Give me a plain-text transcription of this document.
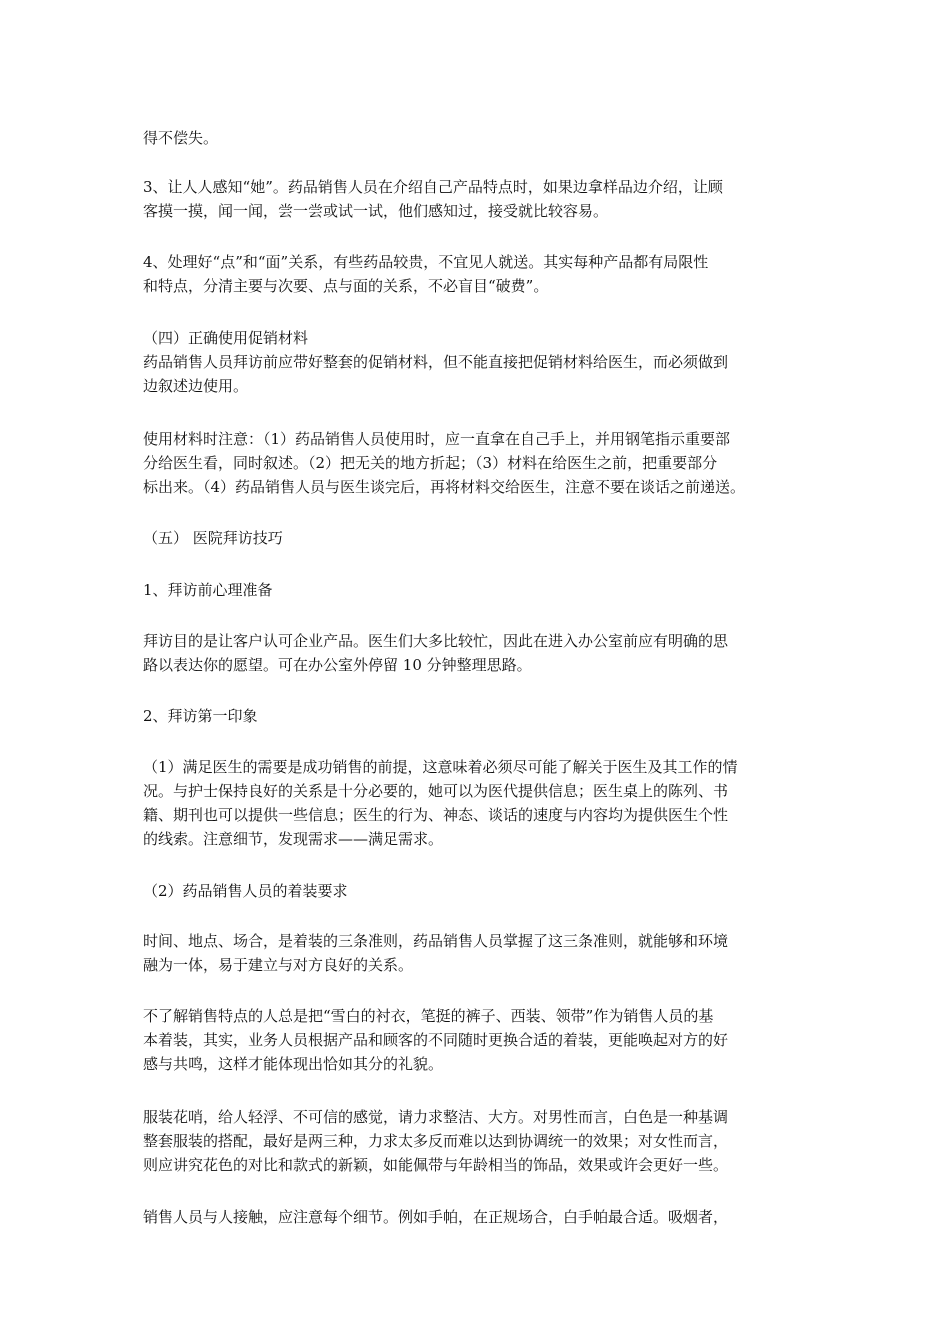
得不偿失。
3、让人人感知“她”。药品销售人员在介绍自己产品特点时，如果边拿样品边介绍，让顾
客摸一摸，闻一闻，尝一尝或试一试，他们感知过，接受就比较容易。
4、处理好“点”和“面”关系，有些药品较贵，不宜见人就送。其实每种产品都有局限性
和特点，分清主要与次要、点与面的关系，不必盲目“破费”。
（四）正确使用促销材料
药品销售人员拜访前应带好整套的促销材料，但不能直接把促销材料给医生，而必须做到
边叙述边使用。
使用材料时注意：（1）药品销售人员使用时，应一直拿在自己手上，并用钢笔指示重要部
分给医生看，同时叙述。（2）把无关的地方折起；（3）材料在给医生之前，把重要部分
标出来。（4）药品销售人员与医生谈完后，再将材料交给医生，注意不要在谈话之前递送。
（五） 医院拜访技巧
1、拜访前心理准备
拜访目的是让客户认可企业产品。医生们大多比较忙，因此在进入办公室前应有明确的思
路以表达你的愿望。可在办公室外停留 10 分钟整理思路。
2、拜访第一印象
（1）满足医生的需要是成功销售的前提，这意味着必须尽可能了解关于医生及其工作的情
况。与护士保持良好的关系是十分必要的，她可以为医代提供信息；医生桌上的陈列、书
籍、期刊也可以提供一些信息；医生的行为、神态、谈话的速度与内容均为提供医生个性
的线索。注意细节，发现需求——满足需求。
（2）药品销售人员的着装要求
时间、地点、场合，是着装的三条准则，药品销售人员掌握了这三条准则，就能够和环境
融为一体，易于建立与对方良好的关系。
不了解销售特点的人总是把“雪白的衬衣，笔挺的裤子、西装、领带”作为销售人员的基
本着装，其实，业务人员根据产品和顾客的不同随时更换合适的着装，更能唤起对方的好
感与共鸣，这样才能体现出恰如其分的礼貌。
服装花哨，给人轻浮、不可信的感觉，请力求整洁、大方。对男性而言，白色是一种基调
整套服装的搭配，最好是两三种，力求太多反而难以达到协调统一的效果；对女性而言，
则应讲究花色的对比和款式的新颖，如能佩带与年龄相当的饰品，效果或许会更好一些。
销售人员与人接触，应注意每个细节。例如手帕，在正规场合，白手帕最合适。吸烟者，
